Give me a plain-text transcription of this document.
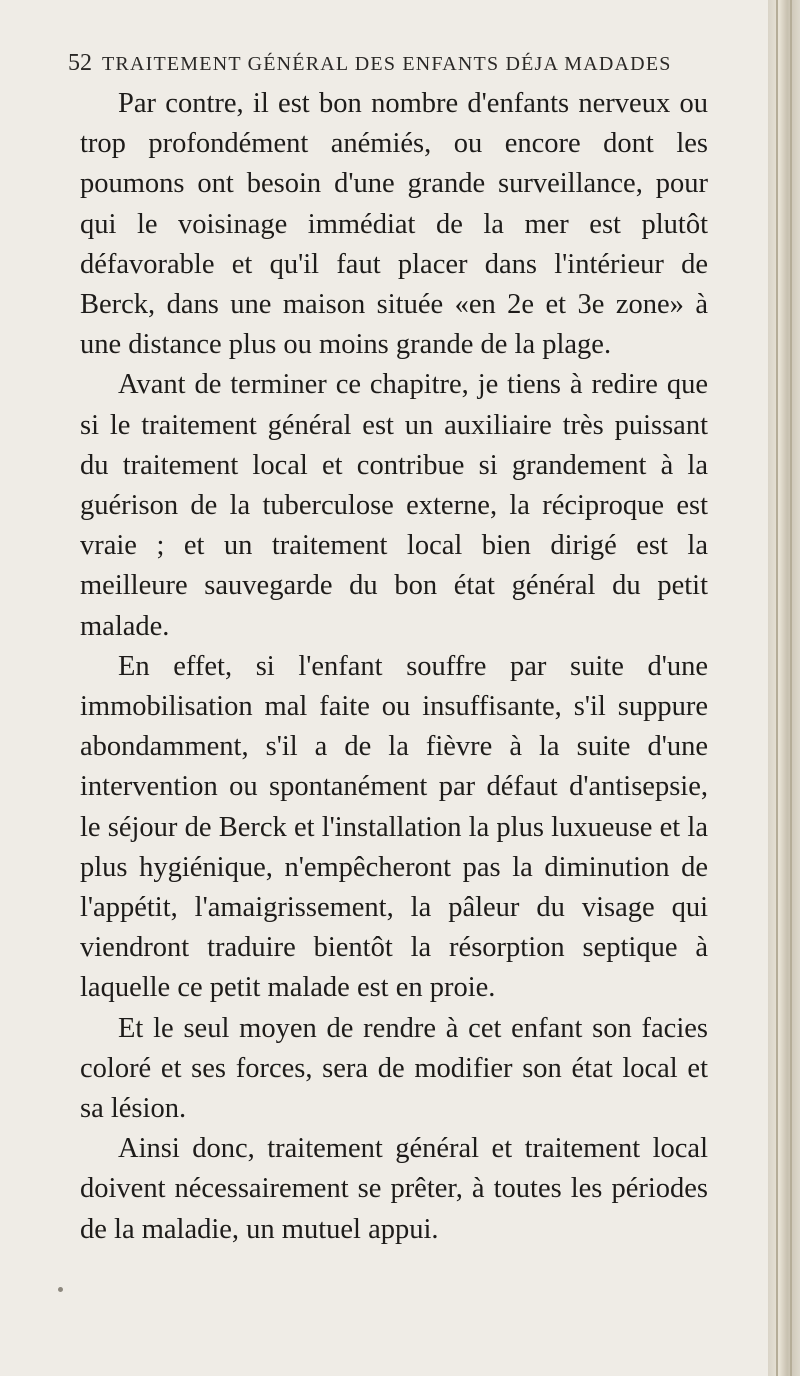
52 TRAITEMENT GÉNÉRAL DES ENFANTS DÉJA MADADES

Par contre, il est bon nombre d'enfants nerveux ou trop profondément anémiés, ou encore dont les poumons ont besoin d'une grande surveillance, pour qui le voisinage immédiat de la mer est plutôt défavorable et qu'il faut placer dans l'intérieur de Berck, dans une maison située «en 2e et 3e zone» à une distance plus ou moins grande de la plage.

Avant de terminer ce chapitre, je tiens à redire que si le traitement général est un auxiliaire très puissant du traitement local et contribue si grandement à la guérison de la tuberculose externe, la réciproque est vraie ; et un traitement local bien dirigé est la meilleure sauvegarde du bon état général du petit malade.

En effet, si l'enfant souffre par suite d'une immobilisation mal faite ou insuffisante, s'il suppure abondamment, s'il a de la fièvre à la suite d'une intervention ou spontanément par défaut d'antisepsie, le séjour de Berck et l'installation la plus luxueuse et la plus hygiénique, n'empêcheront pas la diminution de l'appétit, l'amaigrissement, la pâleur du visage qui viendront traduire bientôt la résorption septique à laquelle ce petit malade est en proie.

Et le seul moyen de rendre à cet enfant son facies coloré et ses forces, sera de modifier son état local et sa lésion.

Ainsi donc, traitement général et traitement local doivent nécessairement se prêter, à toutes les périodes de la maladie, un mutuel appui.
